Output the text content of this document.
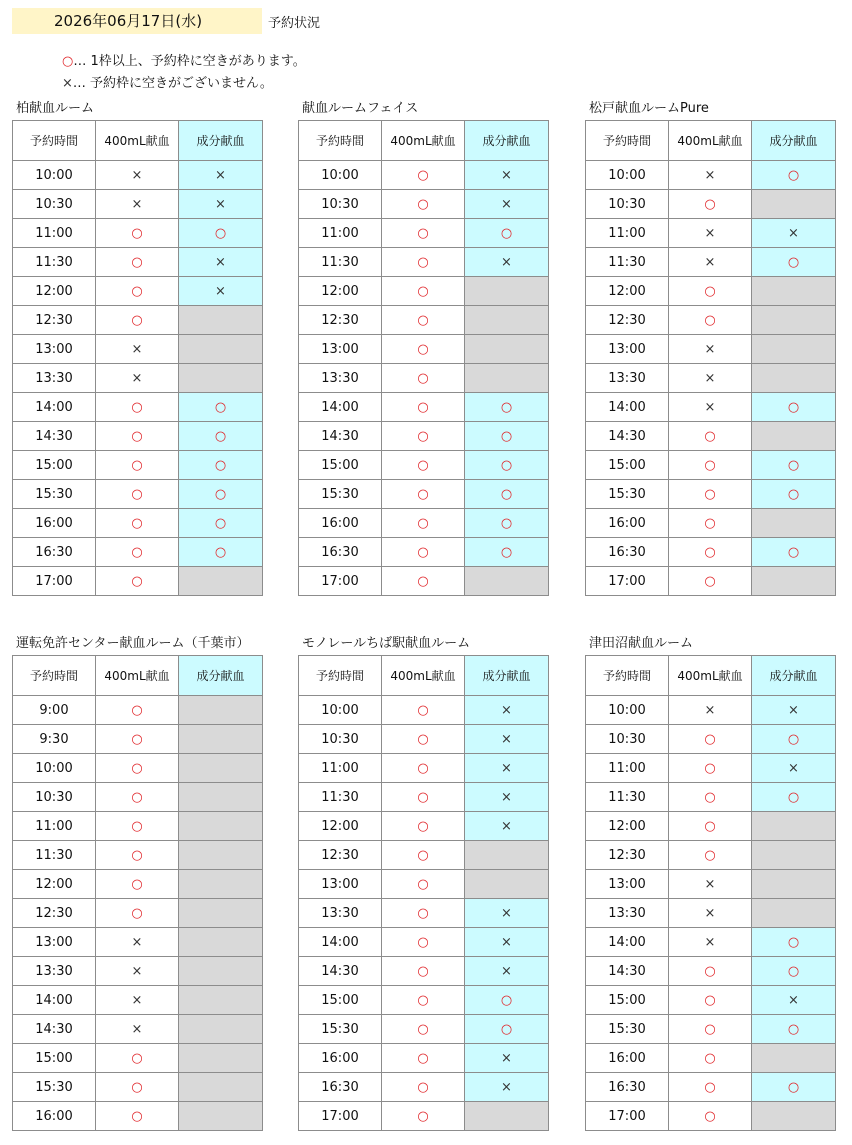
2026年06月17日(水)	予約状況
○… 1枠以上、予約枠に空きがあります。
×… 予約枠に空きがございません。
柏献血ルーム
予約時間	400mL献血	成分献血
10:00	×	×
10:30	×	×
11:00	○	○
11:30	○	×
12:00	○	×
12:30	○	
13:00	×	
13:30	×	
14:00	○	○
14:30	○	○
15:00	○	○
15:30	○	○
16:00	○	○
16:30	○	○
17:00	○	
献血ルームフェイス
予約時間	400mL献血	成分献血
10:00	○	×
10:30	○	×
11:00	○	○
11:30	○	×
12:00	○	
12:30	○	
13:00	○	
13:30	○	
14:00	○	○
14:30	○	○
15:00	○	○
15:30	○	○
16:00	○	○
16:30	○	○
17:00	○	
松戸献血ルームPure
予約時間	400mL献血	成分献血
10:00	×	○
10:30	○	
11:00	×	×
11:30	×	○
12:00	○	
12:30	○	
13:00	×	
13:30	×	
14:00	×	○
14:30	○	
15:00	○	○
15:30	○	○
16:00	○	
16:30	○	○
17:00	○	
運転免許センター献血ルーム（千葉市）
予約時間	400mL献血	成分献血
9:00	○	
9:30	○	
10:00	○	
10:30	○	
11:00	○	
11:30	○	
12:00	○	
12:30	○	
13:00	×	
13:30	×	
14:00	×	
14:30	×	
15:00	○	
15:30	○	
16:00	○	
モノレールちば駅献血ルーム
予約時間	400mL献血	成分献血
10:00	○	×
10:30	○	×
11:00	○	×
11:30	○	×
12:00	○	×
12:30	○	
13:00	○	
13:30	○	×
14:00	○	×
14:30	○	×
15:00	○	○
15:30	○	○
16:00	○	×
16:30	○	×
17:00	○	
津田沼献血ルーム
予約時間	400mL献血	成分献血
10:00	×	×
10:30	○	○
11:00	○	×
11:30	○	○
12:00	○	
12:30	○	
13:00	×	
13:30	×	
14:00	×	○
14:30	○	○
15:00	○	×
15:30	○	○
16:00	○	
16:30	○	○
17:00	○	
